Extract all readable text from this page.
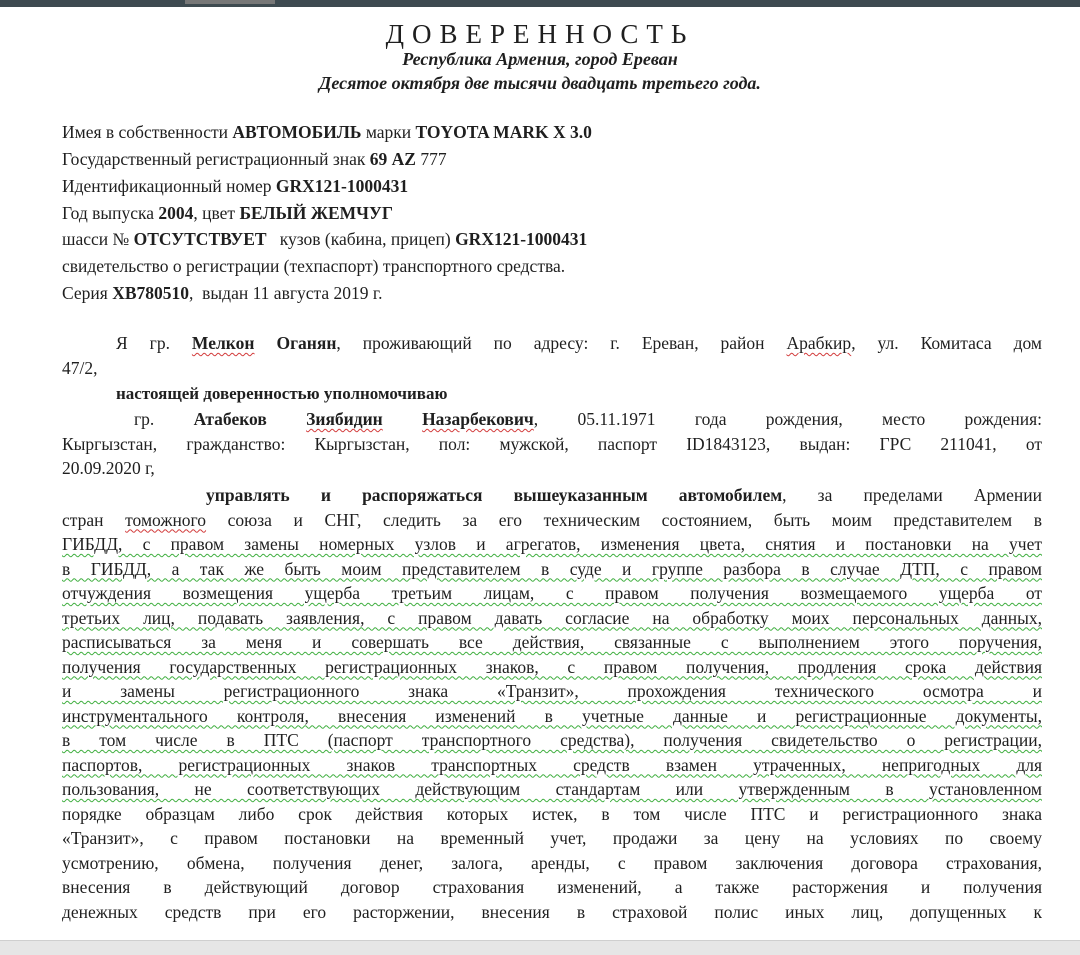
ДОВЕРЕННОСТЬ
Республика Армения, город Ереван
Десятое октября две тысячи двадцать третьего года.
Имея в собственности АВТОМОБИЛЬ марки TOYOTA MARK X 3.0
Государственный регистрационный знак 69 AZ 777
Идентификационный номер GRX121-1000431
Год выпуска 2004, цвет БЕЛЫЙ ЖЕМЧУГ
шасси № ОТСУТСТВУЕТ   кузов (кабина, прицеп) GRX121-1000431
свидетельство о регистрации (техпаспорт) транспортного средства.
Серия ХВ780510,  выдан 11 августа 2019 г.
Я гр. Мелкон Оганян, проживающий по адресу: г. Ереван, район Арабкир, ул. Комитаса дом
47/2,
настоящей доверенностью уполномочиваю
гр. Атабеков Зиябидин Назарбекович, 05.11.1971 года рождения, место рождения:
Кыргызстан, гражданство: Кыргызстан, пол: мужской, паспорт ID1843123, выдан: ГРС 211041, от
20.09.2020 г,
управлять и распоряжаться вышеуказанным автомобилем, за пределами Армении
стран томожного союза и СНГ, следить за его техническим состоянием, быть моим представителем в
ГИБДД, с правом замены номерных узлов и агрегатов, изменения цвета, снятия и постановки на учет
в ГИБДД, а так же быть моим представителем в суде и группе разбора в случае ДТП, с правом
отчуждения возмещения ущерба третьим лицам, с правом получения возмещаемого ущерба от
третьих лиц, подавать заявления, с правом давать согласие на обработку моих персональных данных,
расписываться за меня и совершать все действия, связанные с выполнением этого поручения,
получения государственных регистрационных знаков, с правом получения, продления срока действия
и замены регистрационного знака «Транзит», прохождения технического осмотра и
инструментального контроля, внесения изменений в учетные данные и регистрационные документы,
в том числе в ПТС (паспорт транспортного средства), получения свидетельство о регистрации,
паспортов, регистрационных знаков транспортных средств взамен утраченных, непригодных для
пользования, не соответствующих действующим стандартам или утвержденным в установленном
порядке образцам либо срок действия которых истек, в том числе ПТС и регистрационного знака
«Транзит», с правом постановки на временный учет, продажи за цену на условиях по своему
усмотрению, обмена, получения денег, залога, аренды, с правом заключения договора страхования,
внесения в действующий договор страхования изменений, а также расторжения и получения
денежных средств при его расторжении, внесения в страховой полис иных лиц, допущенных к
